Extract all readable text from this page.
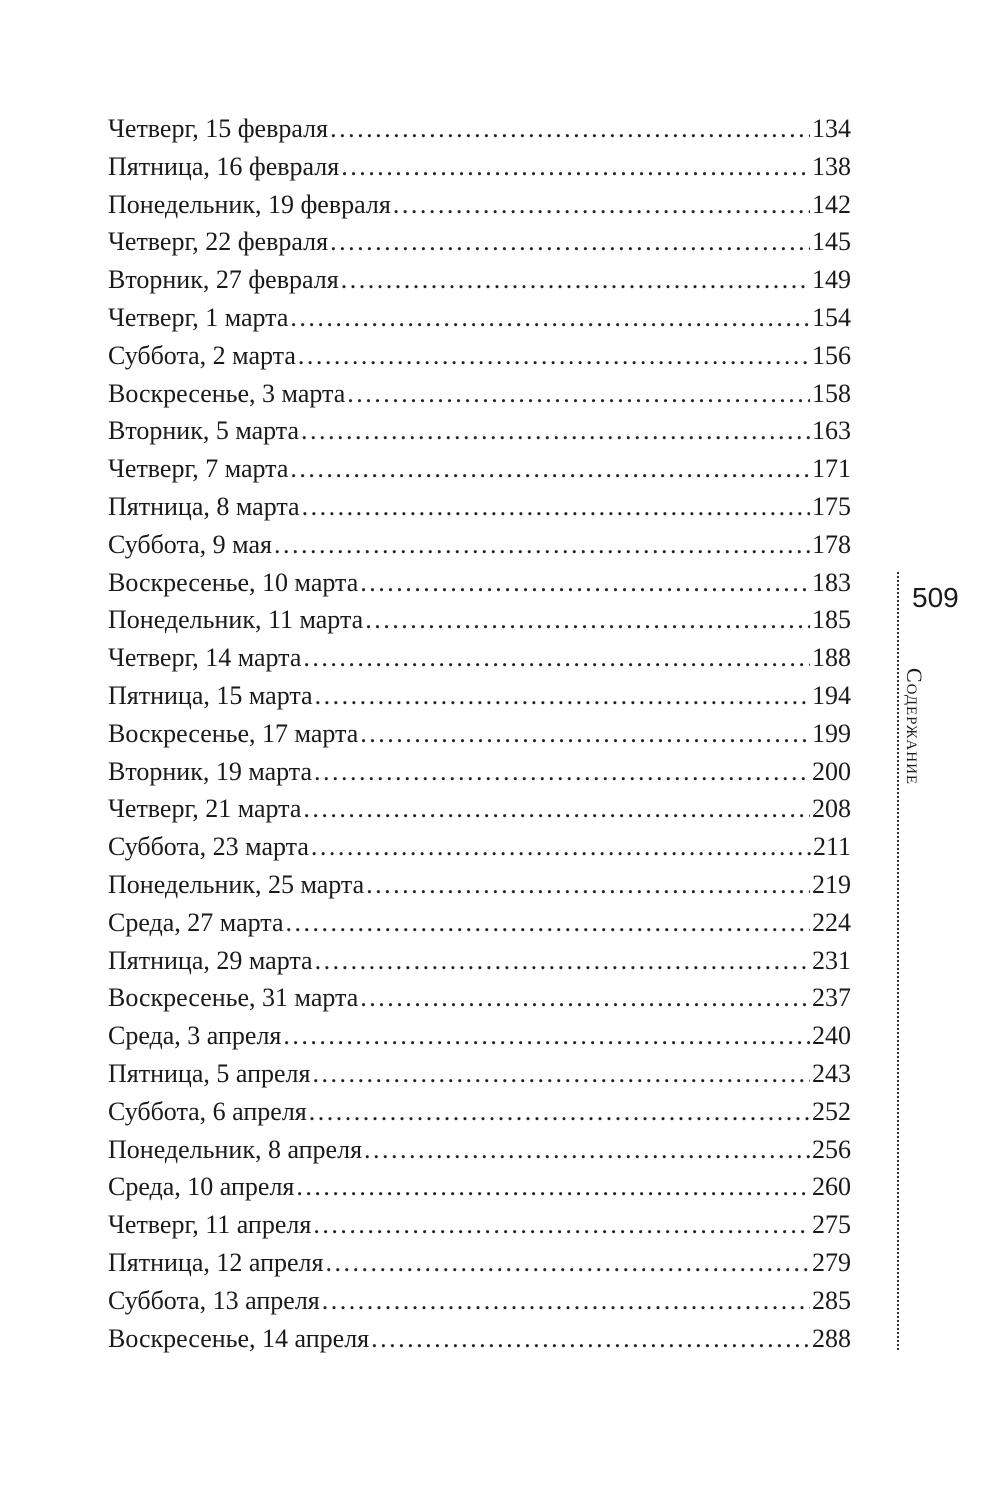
Четверг, 15 февраля .....	134
Пятница, 16 февраля .....	138
Понедельник, 19 февраля .....	142
Четверг, 22 февраля .....	145
Вторник, 27 февраля .....	149
Четверг, 1 марта .....	154
Суббота, 2 марта .....	156
Воскресенье, 3 марта .....	158
Вторник, 5 марта .....	163
Четверг, 7 марта .....	171
Пятница, 8 марта .....	175
Суббота, 9 мая .....	178
Воскресенье, 10 марта .....	183
Понедельник, 11 марта .....	185
Четверг, 14 марта .....	188
Пятница, 15 марта .....	194
Воскресенье, 17 марта .....	199
Вторник, 19 марта .....	200
Четверг, 21 марта .....	208
Суббота, 23 марта .....	211
Понедельник, 25 марта .....	219
Среда, 27 марта .....	224
Пятница, 29 марта .....	231
Воскресенье, 31 марта .....	237
Среда, 3 апреля .....	240
Пятница, 5 апреля .....	243
Суббота, 6 апреля .....	252
Понедельник, 8 апреля .....	256
Среда, 10 апреля .....	260
Четверг, 11 апреля .....	275
Пятница, 12 апреля .....	279
Суббота, 13 апреля .....	285
Воскресенье, 14 апреля .....	288
509
Содержание
